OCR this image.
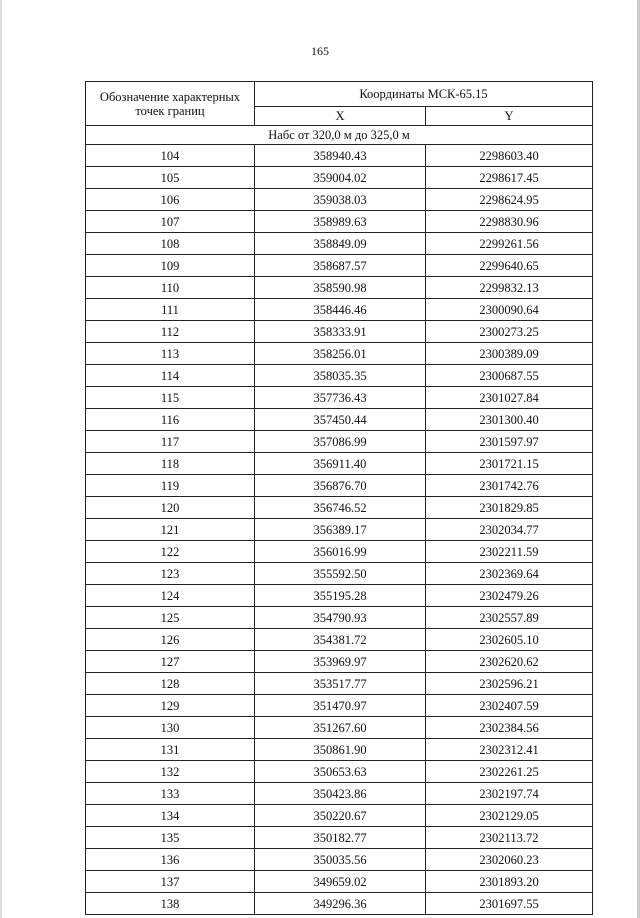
165
Обозначение характерных точек границ	Координаты МСК-65.15	
	X	Y
Набс от 320,0 м до 325,0 м		
104	358940.43	2298603.40
105	359004.02	2298617.45
106	359038.03	2298624.95
107	358989.63	2298830.96
108	358849.09	2299261.56
109	358687.57	2299640.65
110	358590.98	2299832.13
111	358446.46	2300090.64
112	358333.91	2300273.25
113	358256.01	2300389.09
114	358035.35	2300687.55
115	357736.43	2301027.84
116	357450.44	2301300.40
117	357086.99	2301597.97
118	356911.40	2301721.15
119	356876.70	2301742.76
120	356746.52	2301829.85
121	356389.17	2302034.77
122	356016.99	2302211.59
123	355592.50	2302369.64
124	355195.28	2302479.26
125	354790.93	2302557.89
126	354381.72	2302605.10
127	353969.97	2302620.62
128	353517.77	2302596.21
129	351470.97	2302407.59
130	351267.60	2302384.56
131	350861.90	2302312.41
132	350653.63	2302261.25
133	350423.86	2302197.74
134	350220.67	2302129.05
135	350182.77	2302113.72
136	350035.56	2302060.23
137	349659.02	2301893.20
138	349296.36	2301697.55
